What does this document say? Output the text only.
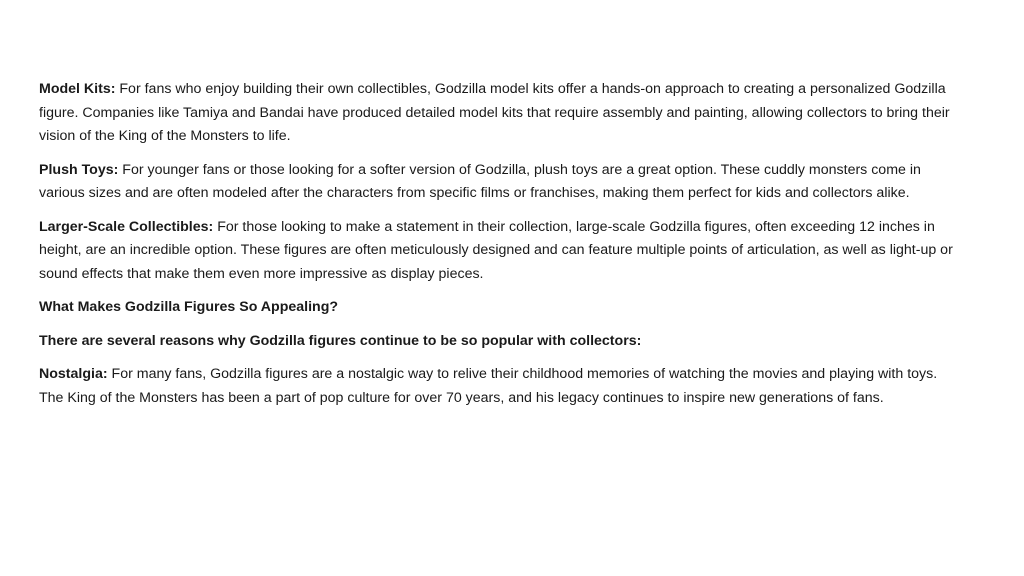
Model Kits: For fans who enjoy building their own collectibles, Godzilla model kits offer a hands-on approach to creating a personalized Godzilla figure. Companies like Tamiya and Bandai have produced detailed model kits that require assembly and painting, allowing collectors to bring their vision of the King of the Monsters to life.

Plush Toys: For younger fans or those looking for a softer version of Godzilla, plush toys are a great option. These cuddly monsters come in various sizes and are often modeled after the characters from specific films or franchises, making them perfect for kids and collectors alike.

Larger-Scale Collectibles: For those looking to make a statement in their collection, large-scale Godzilla figures, often exceeding 12 inches in height, are an incredible option. These figures are often meticulously designed and can feature multiple points of articulation, as well as light-up or sound effects that make them even more impressive as display pieces.

What Makes Godzilla Figures So Appealing?

There are several reasons why Godzilla figures continue to be so popular with collectors:

Nostalgia: For many fans, Godzilla figures are a nostalgic way to relive their childhood memories of watching the movies and playing with toys. The King of the Monsters has been a part of pop culture for over 70 years, and his legacy continues to inspire new generations of fans.
